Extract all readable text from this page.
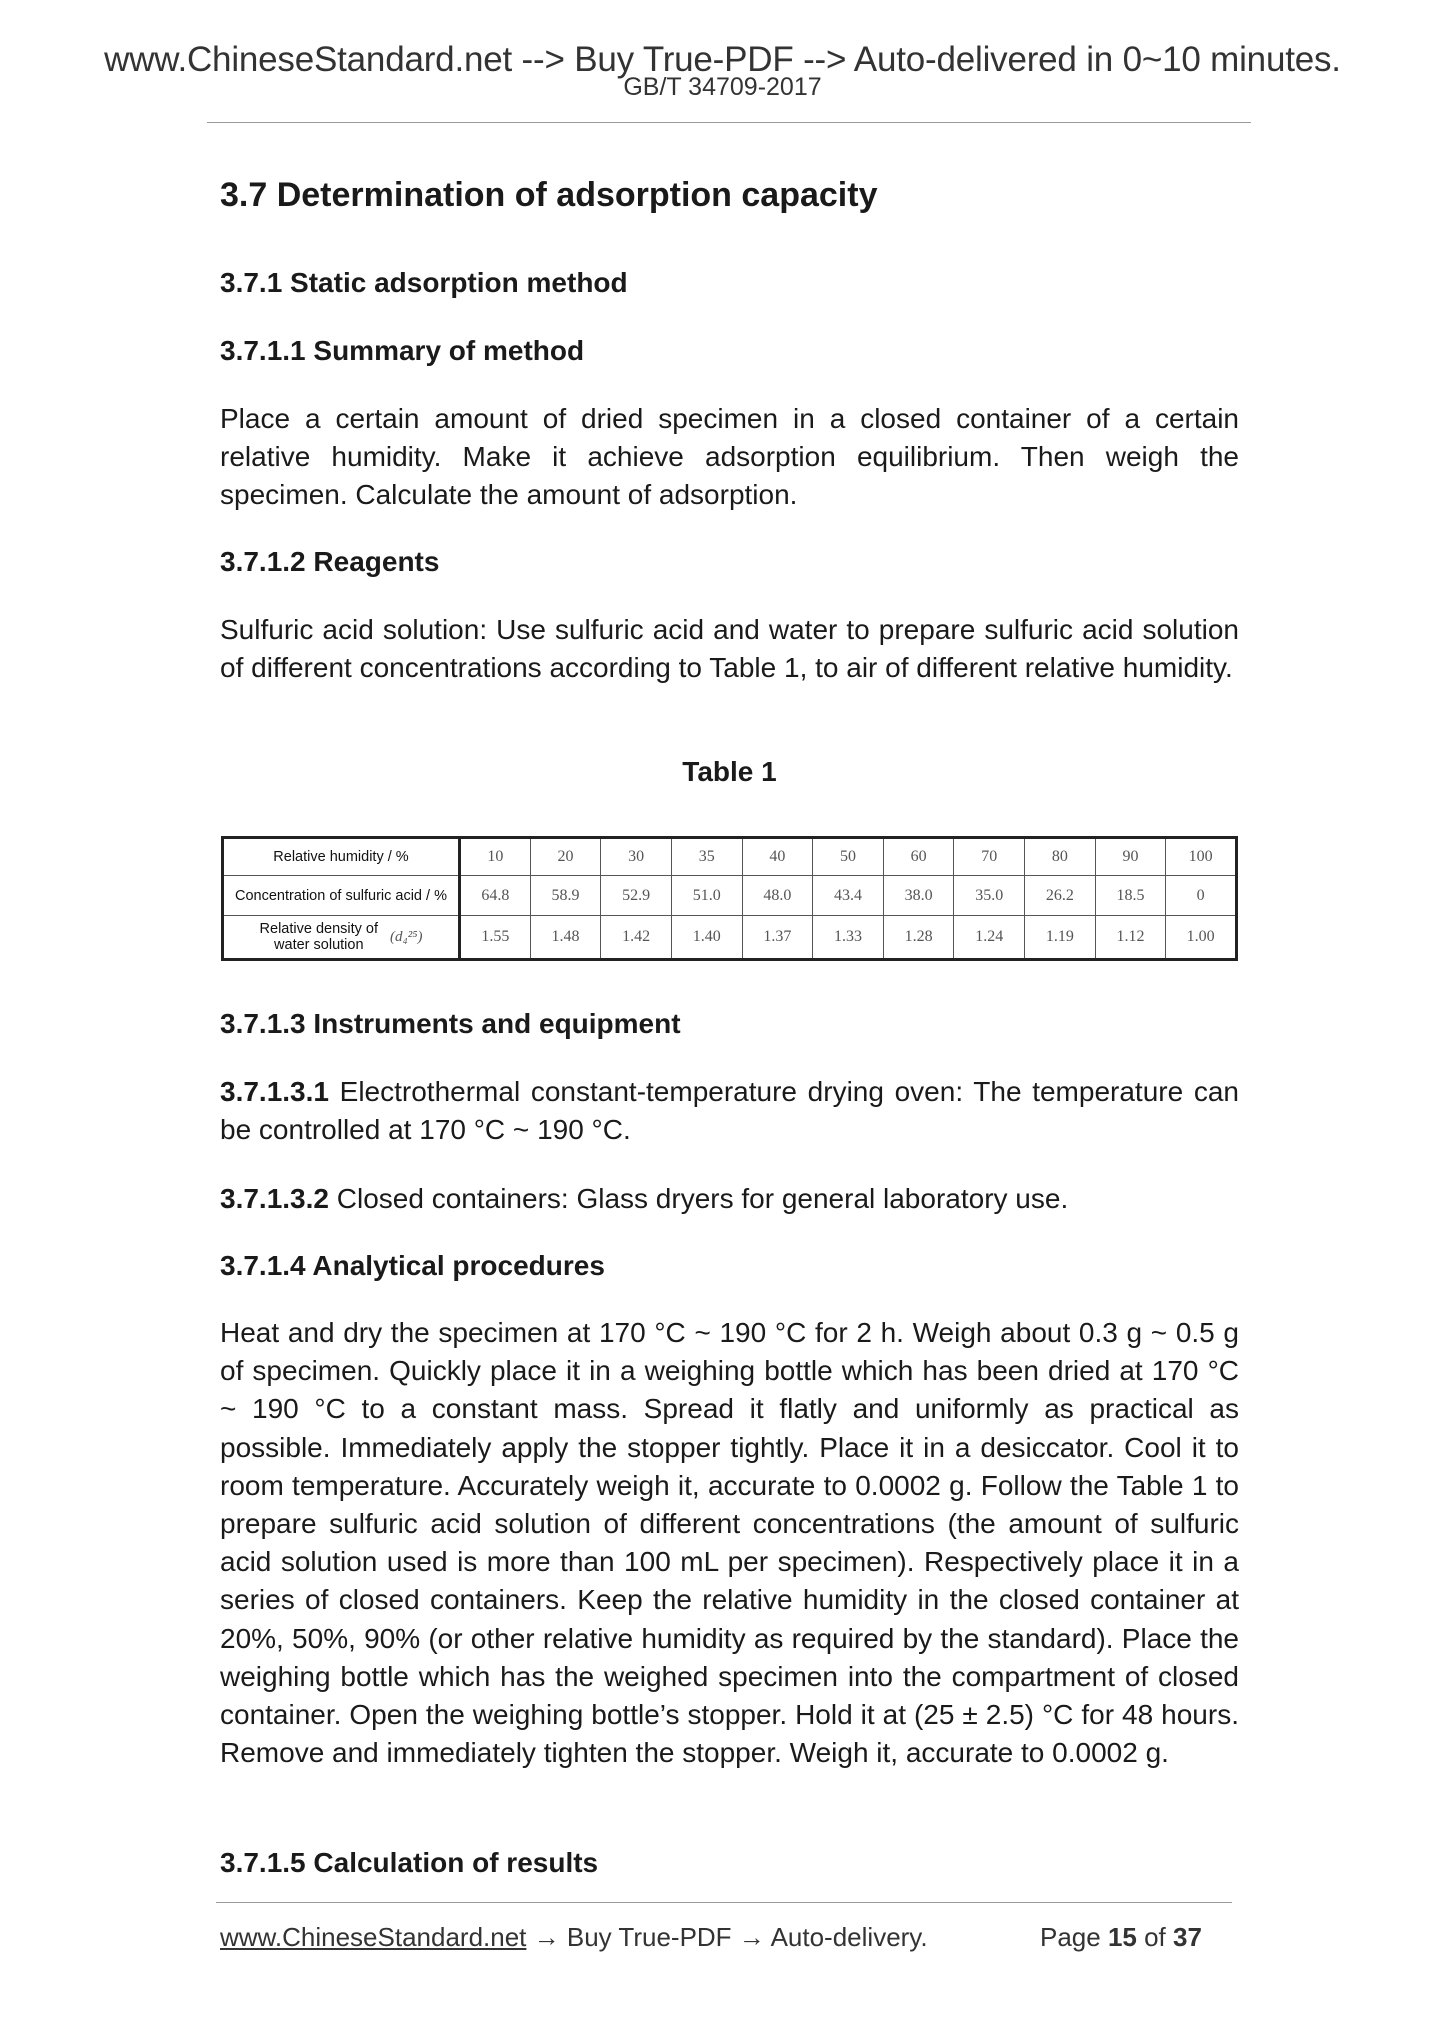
www.ChineseStandard.net --> Buy True-PDF --> Auto-delivered in 0~10 minutes.
GB/T 34709-2017
3.7 Determination of adsorption capacity
3.7.1 Static adsorption method
3.7.1.1 Summary of method
Place a certain amount of dried specimen in a closed container of a certain relative humidity. Make it achieve adsorption equilibrium. Then weigh the specimen. Calculate the amount of adsorption.
3.7.1.2 Reagents
Sulfuric acid solution: Use sulfuric acid and water to prepare sulfuric acid solution of different concentrations according to Table 1, to air of different relative humidity.
Table 1
Relative humidity / %	10	20	30	35	40	50	60	70	80	90	100
Concentration of sulfuric acid / %	64.8	58.9	52.9	51.0	48.0	43.4	38.0	35.0	26.2	18.5	0
Relative density of
water solution (d₄²⁵)	1.55	1.48	1.42	1.40	1.37	1.33	1.28	1.24	1.19	1.12	1.00
3.7.1.3 Instruments and equipment
3.7.1.3.1 Electrothermal constant-temperature drying oven: The temperature can be controlled at 170 °C ~ 190 °C.
3.7.1.3.2 Closed containers: Glass dryers for general laboratory use.
3.7.1.4 Analytical procedures
Heat and dry the specimen at 170 °C ~ 190 °C for 2 h. Weigh about 0.3 g ~ 0.5 g of specimen. Quickly place it in a weighing bottle which has been dried at 170 °C ~ 190 °C to a constant mass. Spread it flatly and uniformly as practical as possible. Immediately apply the stopper tightly. Place it in a desiccator. Cool it to room temperature. Accurately weigh it, accurate to 0.0002 g. Follow the Table 1 to prepare sulfuric acid solution of different concentrations (the amount of sulfuric acid solution used is more than 100 mL per specimen). Respectively place it in a series of closed containers. Keep the relative humidity in the closed container at 20%, 50%, 90% (or other relative humidity as required by the standard). Place the weighing bottle which has the weighed specimen into the compartment of closed container. Open the weighing bottle’s stopper. Hold it at (25 ± 2.5) °C for 48 hours. Remove and immediately tighten the stopper. Weigh it, accurate to 0.0002 g.
3.7.1.5 Calculation of results
www.ChineseStandard.net → Buy True-PDF → Auto-delivery.	Page 15 of 37
